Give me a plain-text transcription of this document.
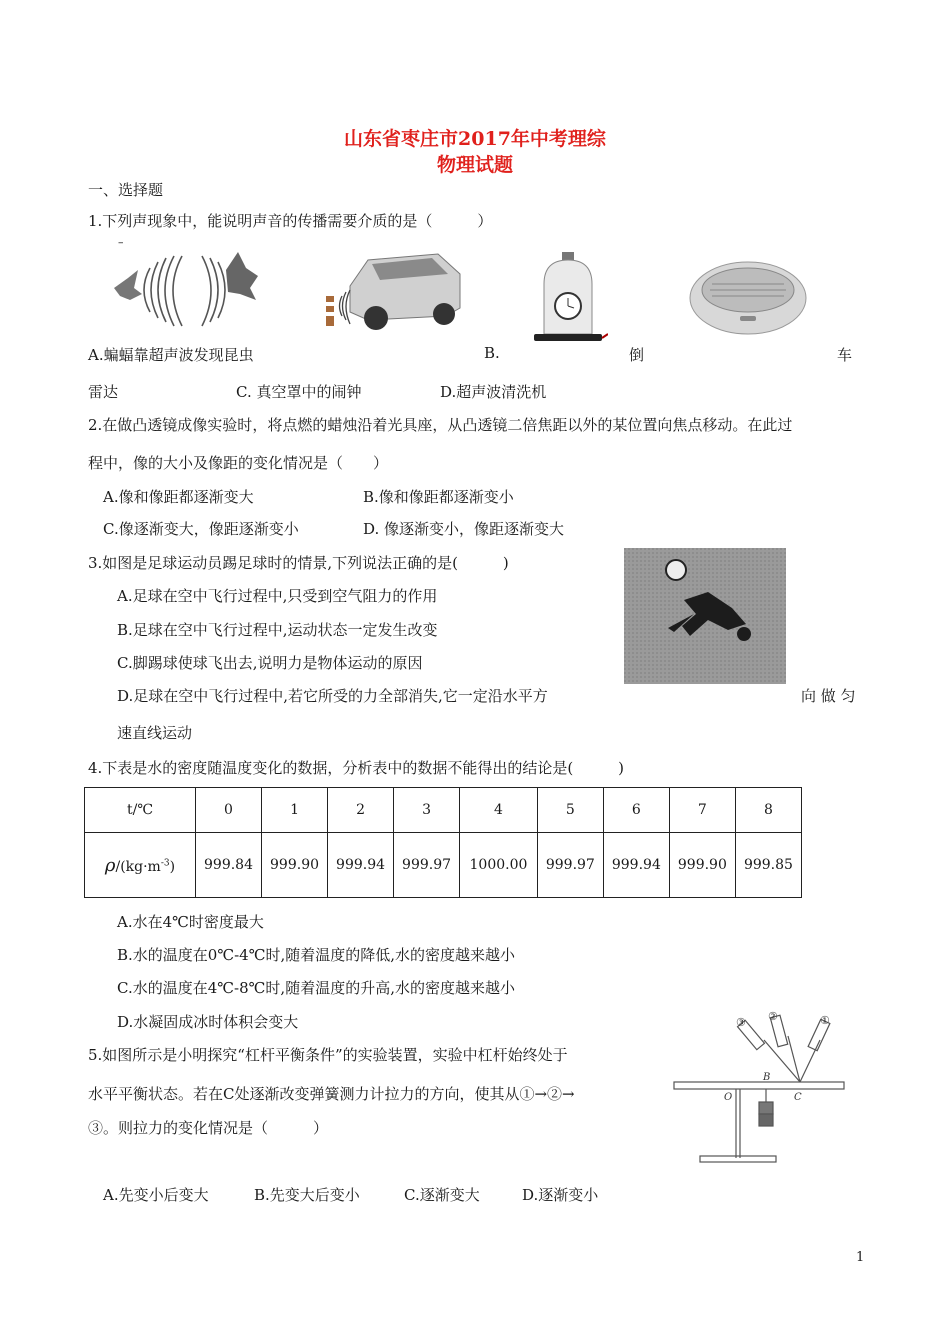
山东省枣庄市2017年中考理综
物理试题
一、选择题
1.下列声现象中，能说明声音的传播需要介质的是（　　　）
–
A.蝙蝠靠超声波发现昆虫	B.	倒	车
雷达	C. 真空罩中的闹钟	D.超声波清洗机
2.在做凸透镜成像实验时，将点燃的蜡烛沿着光具座，从凸透镜二倍焦距以外的某位置向焦点移动。在此过
程中，像的大小及像距的变化情况是（　　）
A.像和像距都逐渐变大	B.像和像距都逐渐变小
C.像逐渐变大，像距逐渐变小	D. 像逐渐变小，像距逐渐变大
3.如图是足球运动员踢足球时的情景,下列说法正确的是(　　　)
A.足球在空中飞行过程中,只受到空气阻力的作用
B.足球在空中飞行过程中,运动状态一定发生改变
C.脚踢球使球飞出去,说明力是物体运动的原因
D.足球在空中飞行过程中,若它所受的力全部消失,它一定沿水平方	向 做 匀
速直线运动
4.下表是水的密度随温度变化的数据，分析表中的数据不能得出的结论是(　　　)
t/℃	0	1	2	3	4	5	6	7	8
$\rho/(kg\cdot m^{-3})$	999.84	999.90	999.94	999.97	1000.00	999.97	999.94	999.90	999.85
A.水在4℃时密度最大
B.水的温度在0℃-4℃时,随着温度的降低,水的密度越来越小
C.水的温度在4℃-8℃时,随着温度的升高,水的密度越来越小
D.水凝固成冰时体积会变大	③ ②	①
O
B
C
5.如图所示是小明探究“杠杆平衡条件”的实验装置，实验中杠杆始终处于
水平平衡状态。若在C处逐渐改变弹簧测力计拉力的方向，使其从①→②→
③。则拉力的变化情况是（　　　）
A.先变小后变大	B.先变大后变小	C.逐渐变大	D.逐渐变小
1
